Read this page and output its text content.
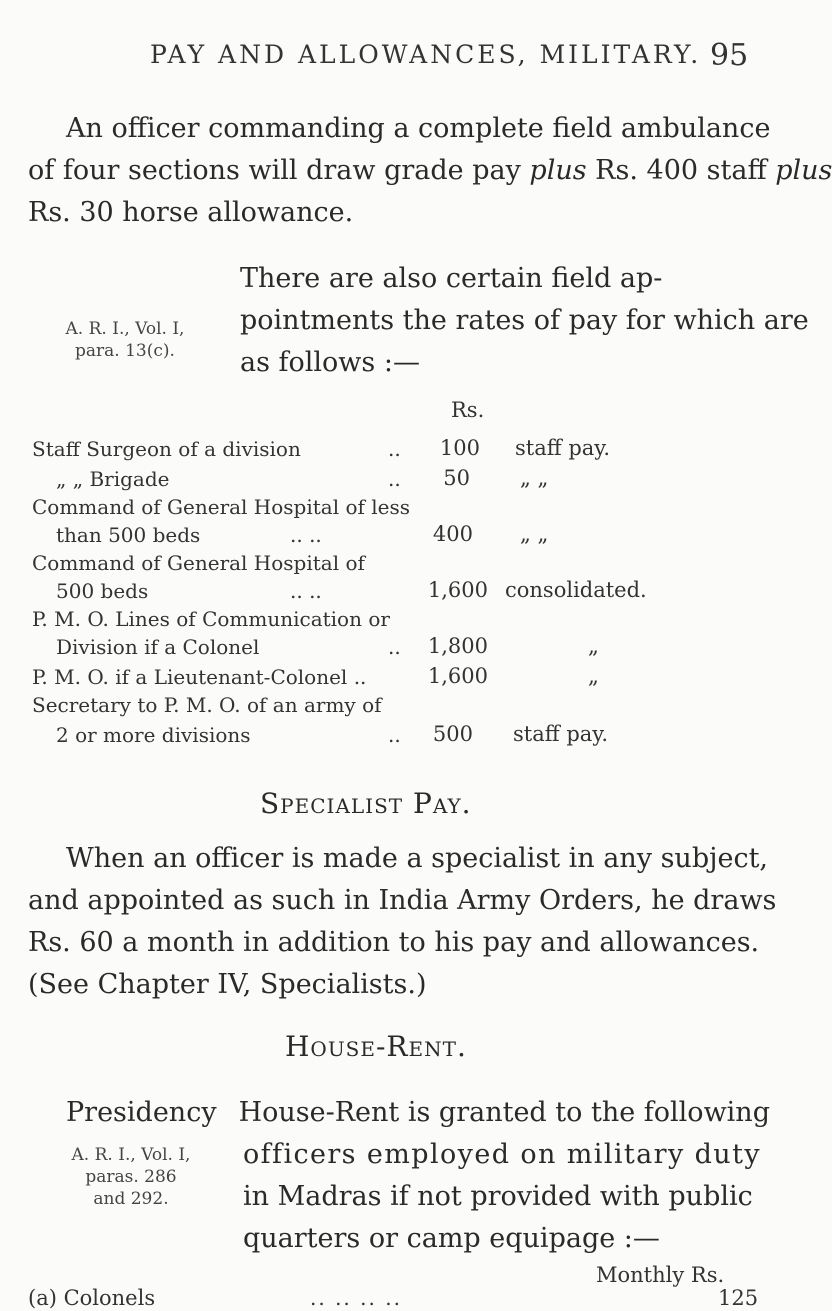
PAY AND ALLOWANCES, MILITARY. 95
An officer commanding a complete field ambulance
of four sections will draw grade pay plus Rs. 400 staff plus
Rs. 30 horse allowance.
There are also certain field ap-
pointments the rates of pay for which are
as follows :—
A. R. I., Vol. I,
para. 13(c).
Rs.
Staff Surgeon of a division	..	100 staff pay.
„ „ Brigade	..	50 „ „
Command of General Hospital of less
than 500 beds	.. ..	400 „ „
Command of General Hospital of
500 beds	.. ..	1,600 consolidated.
P. M. O. Lines of Communication or
Division if a Colonel	..	1,800	„
P. M. O. if a Lieutenant-Colonel ..	1,600	„
Secretary to P. M. O. of an army of
2 or more divisions	..	500 staff pay.
Specialist Pay.
When an officer is made a specialist in any subject,
and appointed as such in India Army Orders, he draws
Rs. 60 a month in addition to his pay and allowances.
(See Chapter IV, Specialists.)
House-Rent.
Presidency House-Rent is granted to the following
officers employed on military duty
in Madras if not provided with public
quarters or camp equipage :—
A. R. I., Vol. I,
paras. 286
and 292.
Monthly Rs.
(a) Colonels	.. .. .. ..	125
